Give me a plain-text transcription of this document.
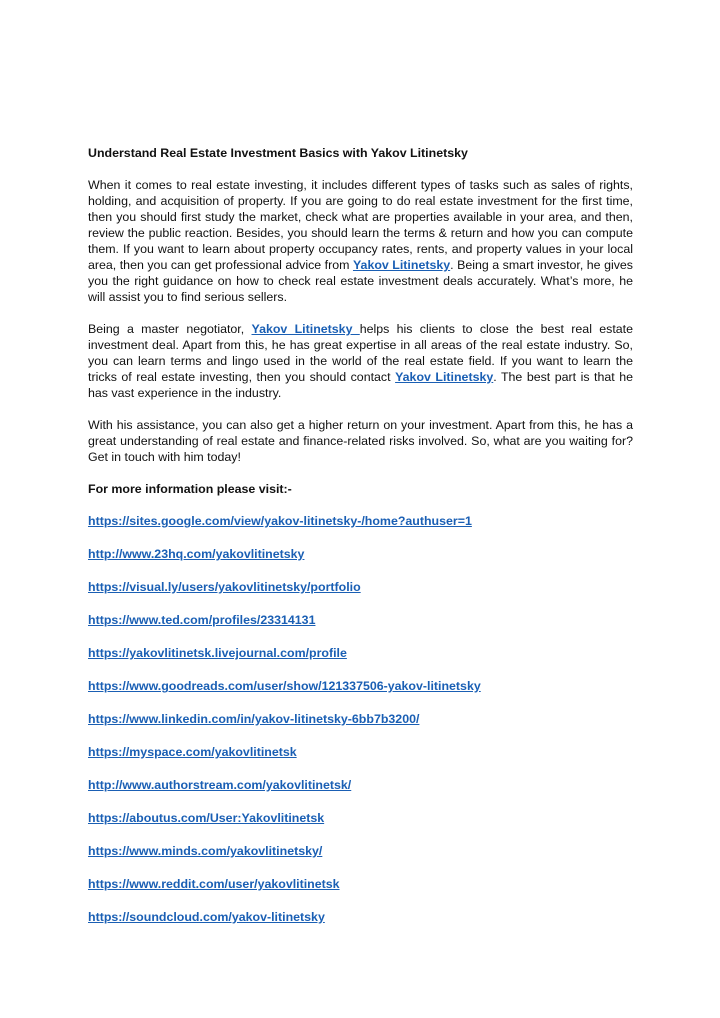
Understand Real Estate Investment Basics with Yakov Litinetsky

When it comes to real estate investing, it includes different types of tasks such as sales of rights, holding, and acquisition of property. If you are going to do real estate investment for the first time, then you should first study the market, check what are properties available in your area, and then, review the public reaction. Besides, you should learn the terms & return and how you can compute them. If you want to learn about property occupancy rates, rents, and property values in your local area, then you can get professional advice from Yakov Litinetsky. Being a smart investor, he gives you the right guidance on how to check real estate investment deals accurately. What’s more, he will assist you to find serious sellers.

Being a master negotiator, Yakov Litinetsky helps his clients to close the best real estate investment deal. Apart from this, he has great expertise in all areas of the real estate industry. So, you can learn terms and lingo used in the world of the real estate field. If you want to learn the tricks of real estate investing, then you should contact Yakov Litinetsky. The best part is that he has vast experience in the industry.

With his assistance, you can also get a higher return on your investment. Apart from this, he has a great understanding of real estate and finance-related risks involved. So, what are you waiting for? Get in touch with him today!

For more information please visit:-
https://sites.google.com/view/yakov-litinetsky-/home?authuser=1
http://www.23hq.com/yakovlitinetsky
https://visual.ly/users/yakovlitinetsky/portfolio
https://www.ted.com/profiles/23314131
https://yakovlitinetsk.livejournal.com/profile
https://www.goodreads.com/user/show/121337506-yakov-litinetsky
https://www.linkedin.com/in/yakov-litinetsky-6bb7b3200/
https://myspace.com/yakovlitinetsk
http://www.authorstream.com/yakovlitinetsk/
https://aboutus.com/User:Yakovlitinetsk
https://www.minds.com/yakovlitinetsky/
https://www.reddit.com/user/yakovlitinetsk
https://soundcloud.com/yakov-litinetsky
